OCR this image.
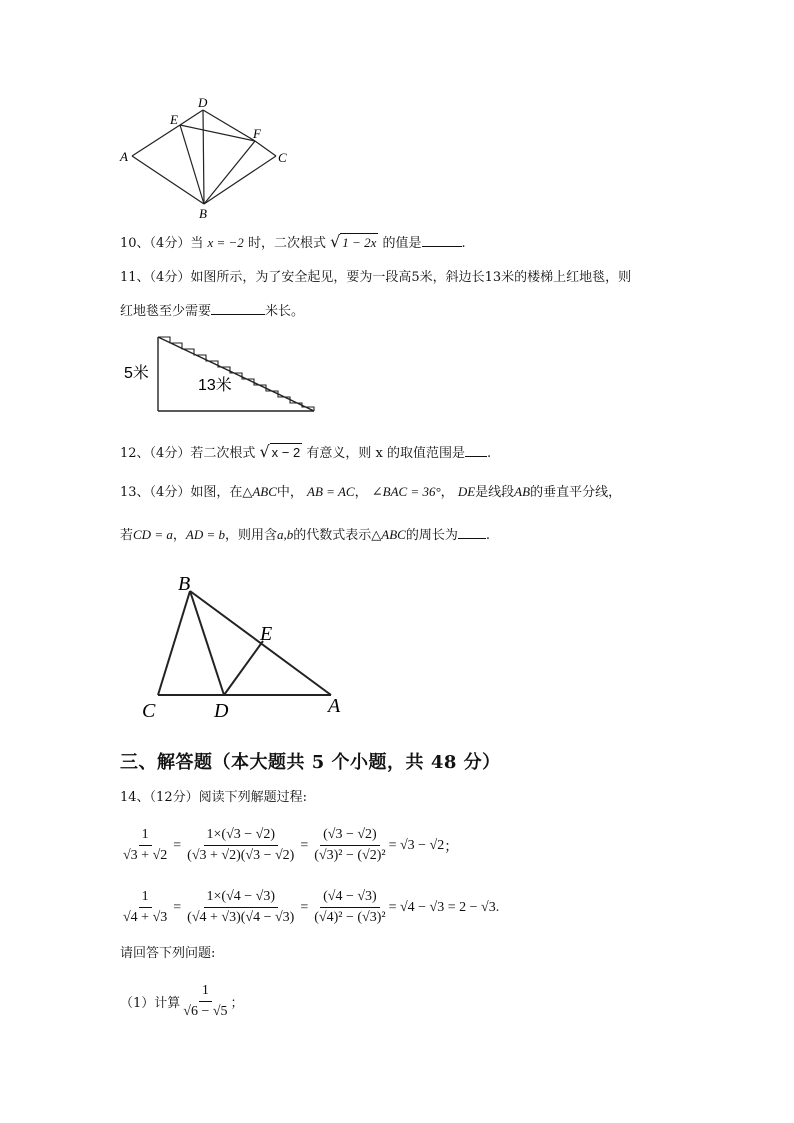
D
E
F
A	C
B
10、（4分）当 x = −2 时，二次根式 √ 1 − 2x 的值是	.
11、（4分）如图所示，为了安全起见，要为一段高5米，斜边长13米的楼梯上红地毯，则
红地毯至少需要	米长。
5米
13米
12、（4分）若二次根式 √ x − 2 有意义，则 x 的取值范围是 .
13、（4分）如图，在△ABC中， AB = AC， ∠BAC = 36°， DE是线段AB的垂直平分线，
若CD = a，AD = b，则用含a,b的代数式表示△ABC的周长为 .
B
E
C	D	A
三、解答题（本大题共 5 个小题，共 48 分）
14、（12分）阅读下列解题过程:
$\frac{1}{√3 + √2} = \frac{1\times(√3 - √2)}{(√3 + √2)(√3 - √2)} = \frac{(√3 - √2)}{\text{(√3)² − (√2)²}} = √3 - √2$ ；
$\frac{1}{√4 + √3} = \frac{1\times(√4 - √3)}{(√4 + √3)(√4 - √3)} = \frac{(√4 - √3)}{\text{(√4)² − (√3)²}} = √4 - √3 = 2 - √3$ .
请回答下列问题:
（1）计算 $\frac{1}{√6 - √5}$ ；
